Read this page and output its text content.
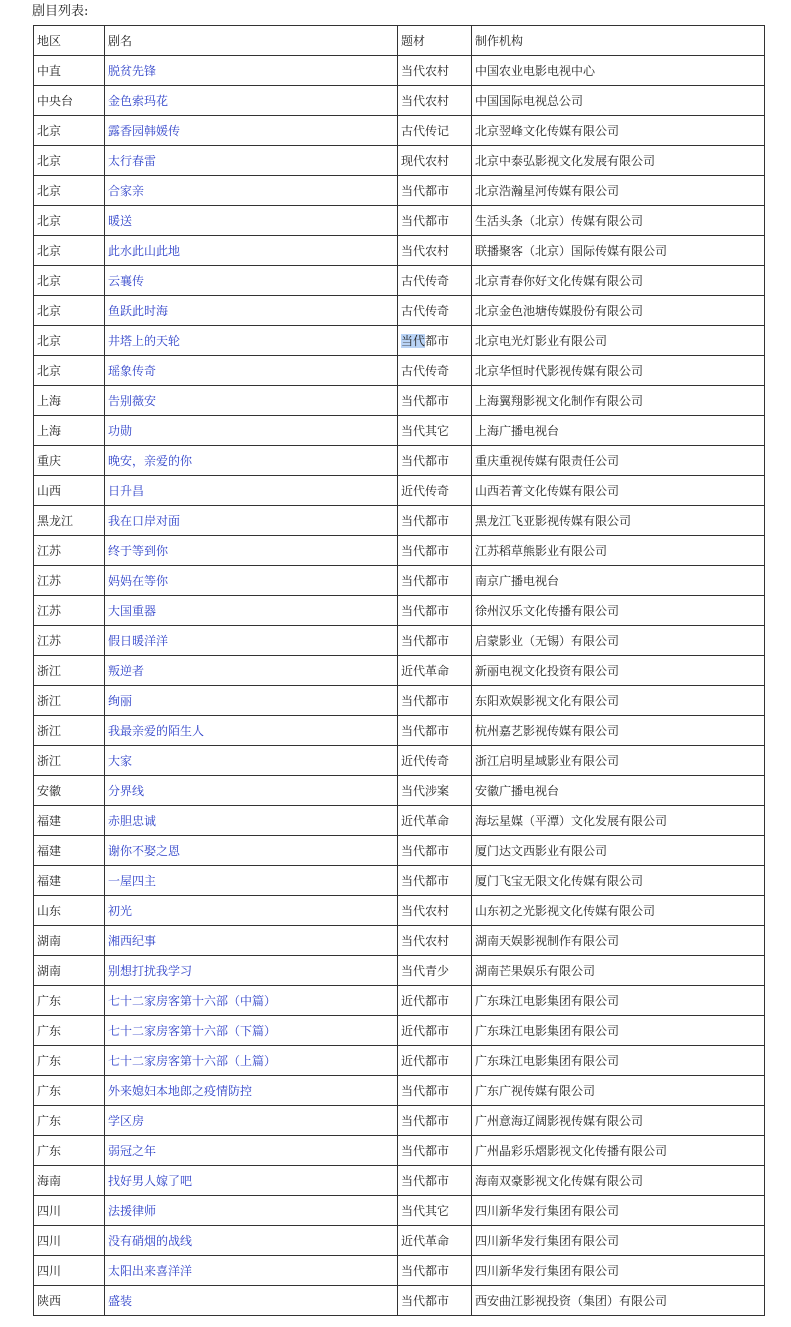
剧目列表:
地区	剧名	题材	制作机构
中直	脱贫先锋	当代农村	中国农业电影电视中心
中央台	金色索玛花	当代农村	中国国际电视总公司
北京	露香园韩媛传	古代传记	北京翌峰文化传媒有限公司
北京	太行春雷	现代农村	北京中泰弘影视文化发展有限公司
北京	合家亲	当代都市	北京浩瀚星河传媒有限公司
北京	暖送	当代都市	生活头条（北京）传媒有限公司
北京	此水此山此地	当代农村	联播聚客（北京）国际传媒有限公司
北京	云襄传	古代传奇	北京青春你好文化传媒有限公司
北京	鱼跃此时海	古代传奇	北京金色池塘传媒股份有限公司
北京	井塔上的天轮	当代都市	北京电光灯影业有限公司
北京	瑶象传奇	古代传奇	北京华恒时代影视传媒有限公司
上海	告别薇安	当代都市	上海翼翔影视文化制作有限公司
上海	功勋	当代其它	上海广播电视台
重庆	晚安，亲爱的你	当代都市	重庆重视传媒有限责任公司
山西	日升昌	近代传奇	山西若菁文化传媒有限公司
黑龙江	我在口岸对面	当代都市	黑龙江飞亚影视传媒有限公司
江苏	终于等到你	当代都市	江苏稻草熊影业有限公司
江苏	妈妈在等你	当代都市	南京广播电视台
江苏	大国重器	当代都市	徐州汉乐文化传播有限公司
江苏	假日暖洋洋	当代都市	启蒙影业（无锡）有限公司
浙江	叛逆者	近代革命	新丽电视文化投资有限公司
浙江	绚丽	当代都市	东阳欢娱影视文化有限公司
浙江	我最亲爱的陌生人	当代都市	杭州嘉艺影视传媒有限公司
浙江	大家	近代传奇	浙江启明星域影业有限公司
安徽	分界线	当代涉案	安徽广播电视台
福建	赤胆忠诚	近代革命	海坛星媒（平潭）文化发展有限公司
福建	谢你不娶之恩	当代都市	厦门达文西影业有限公司
福建	一屋四主	当代都市	厦门飞宝无限文化传媒有限公司
山东	初光	当代农村	山东初之光影视文化传媒有限公司
湖南	湘西纪事	当代农村	湖南天娱影视制作有限公司
湖南	别想打扰我学习	当代青少	湖南芒果娱乐有限公司
广东	七十二家房客第十六部（中篇）	近代都市	广东珠江电影集团有限公司
广东	七十二家房客第十六部（下篇）	近代都市	广东珠江电影集团有限公司
广东	七十二家房客第十六部（上篇）	近代都市	广东珠江电影集团有限公司
广东	外来媳妇本地郎之疫情防控	当代都市	广东广视传媒有限公司
广东	学区房	当代都市	广州意海辽阔影视传媒有限公司
广东	弱冠之年	当代都市	广州晶彩乐熠影视文化传播有限公司
海南	找好男人嫁了吧	当代都市	海南双豪影视文化传媒有限公司
四川	法援律师	当代其它	四川新华发行集团有限公司
四川	没有硝烟的战线	近代革命	四川新华发行集团有限公司
四川	太阳出来喜洋洋	当代都市	四川新华发行集团有限公司
陕西	盛装	当代都市	西安曲江影视投资（集团）有限公司
